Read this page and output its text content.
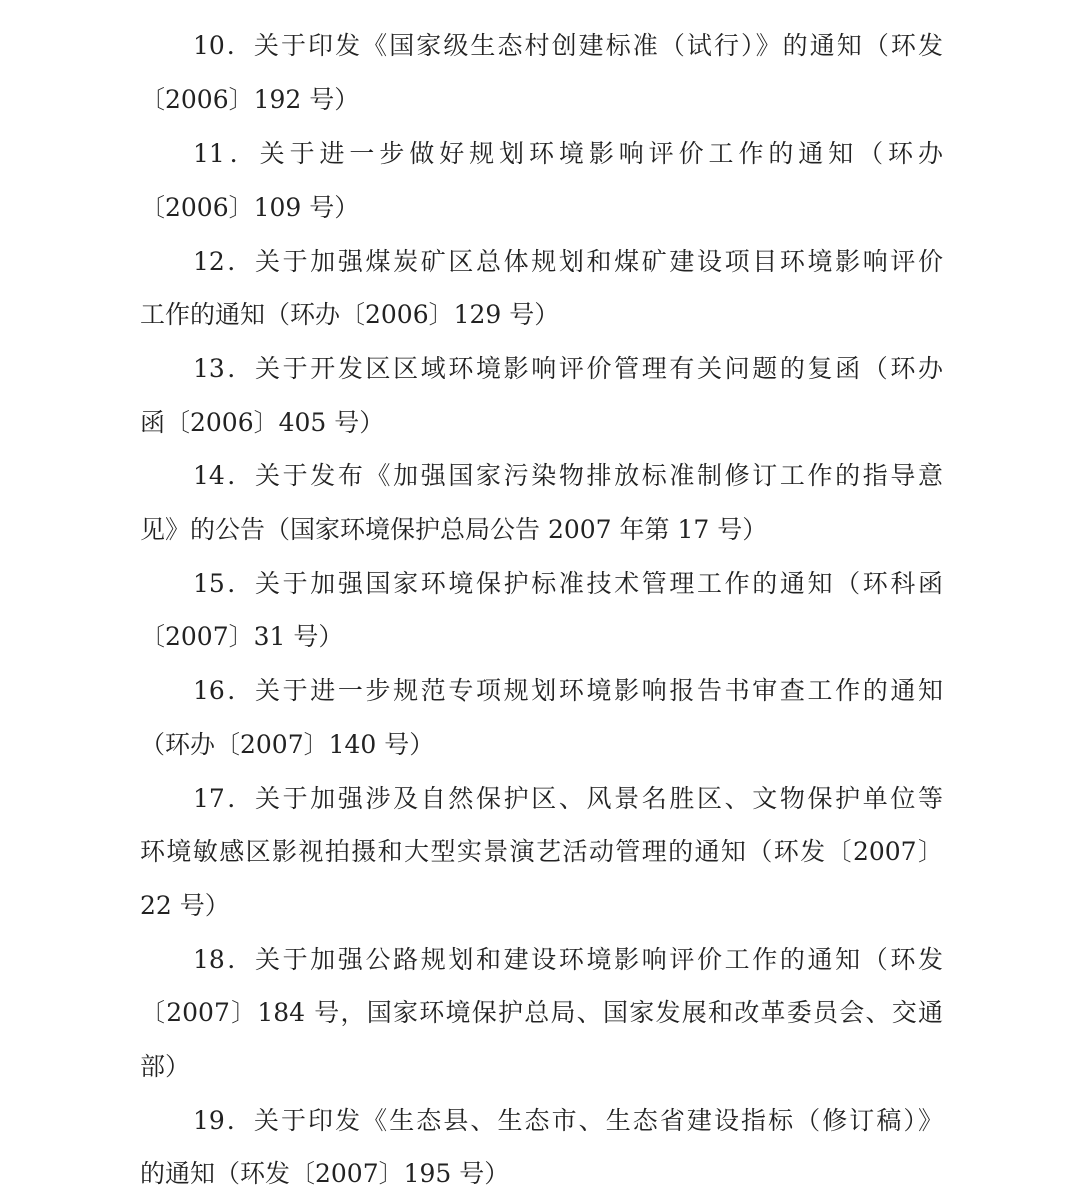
10．关于印发《国家级生态村创建标准（试行）》的通知（环发
〔2006〕192 号）
11．关于进一步做好规划环境影响评价工作的通知（环办
〔2006〕109 号）
12．关于加强煤炭矿区总体规划和煤矿建设项目环境影响评价
工作的通知（环办〔2006〕129 号）
13．关于开发区区域环境影响评价管理有关问题的复函（环办
函〔2006〕405 号）
14．关于发布《加强国家污染物排放标准制修订工作的指导意
见》的公告（国家环境保护总局公告 2007 年第 17 号）
15．关于加强国家环境保护标准技术管理工作的通知（环科函
〔2007〕31 号）
16．关于进一步规范专项规划环境影响报告书审查工作的通知
（环办〔2007〕140 号）
17．关于加强涉及自然保护区、风景名胜区、文物保护单位等
环境敏感区影视拍摄和大型实景演艺活动管理的通知（环发〔2007〕
22 号）
18．关于加强公路规划和建设环境影响评价工作的通知（环发
〔2007〕184 号，国家环境保护总局、国家发展和改革委员会、交通
部）
19．关于印发《生态县、生态市、生态省建设指标（修订稿）》
的通知（环发〔2007〕195 号）
